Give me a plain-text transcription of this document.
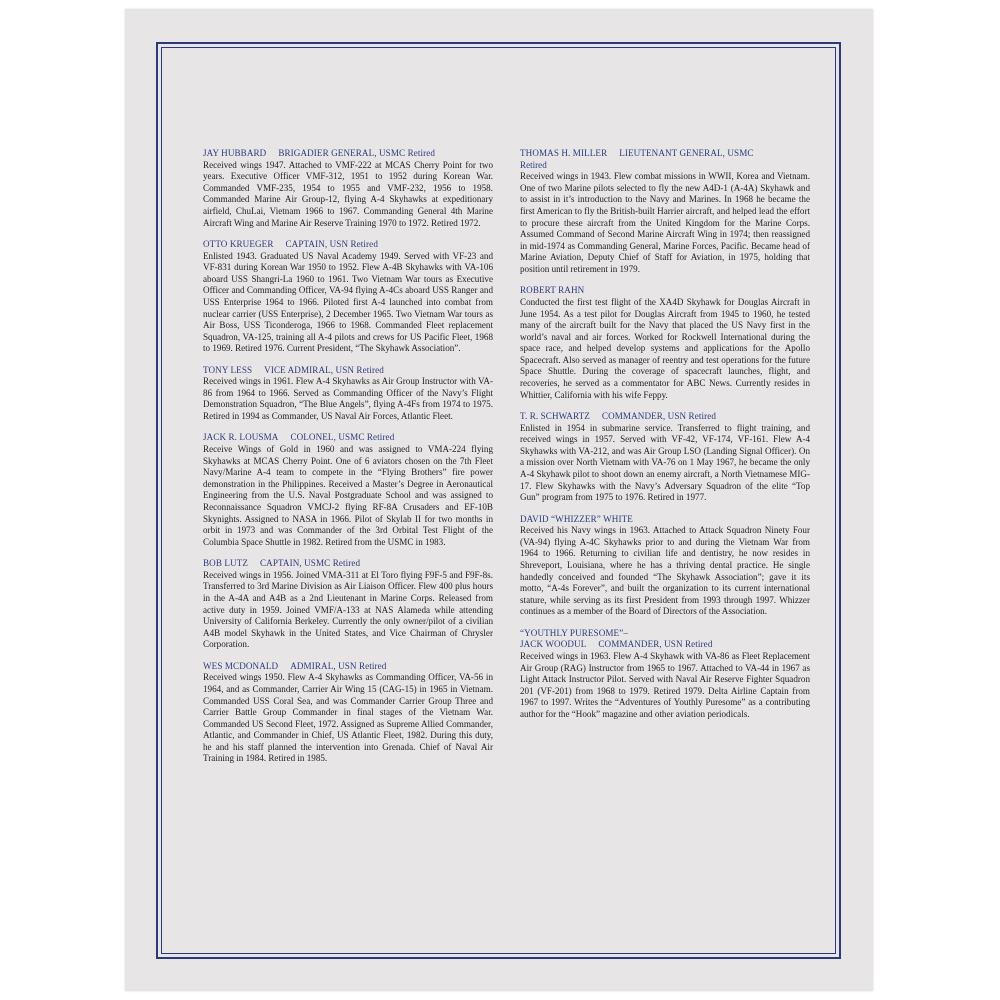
JAY HUBBARD BRIGADIER GENERAL, USMC Retired
Received wings 1947. Attached to VMF-222 at MCAS Cherry Point for two years. Executive Officer VMF-312, 1951 to 1952 during Korean War. Commanded VMF-235, 1954 to 1955 and VMF-232, 1956 to 1958. Commanded Marine Air Group-12, flying A-4 Skyhawks at expeditionary airfield, ChuLai, Vietnam 1966 to 1967. Commanding General 4th Marine Aircraft Wing and Marine Air Reserve Training 1970 to 1972. Retired 1972.
OTTO KRUEGER CAPTAIN, USN Retired
Enlisted 1943. Graduated US Naval Academy 1949. Served with VF-23 and VF-831 during Korean War 1950 to 1952. Flew A-4B Skyhawks with VA-106 aboard USS Shangri-La 1960 to 1961. Two Vietnam War tours as Executive Officer and Commanding Officer, VA-94 flying A-4Cs aboard USS Ranger and USS Enterprise 1964 to 1966. Piloted first A-4 launched into combat from nuclear carrier (USS Enterprise), 2 December 1965. Two Vietnam War tours as Air Boss, USS Ticonderoga, 1966 to 1968. Commanded Fleet replacement Squadron, VA-125, training all A-4 pilots and crews for US Pacific Fleet, 1968 to 1969. Retired 1976. Current President, “The Skyhawk Association”.
TONY LESS VICE ADMIRAL, USN Retired
Received wings in 1961. Flew A-4 Skyhawks as Air Group Instructor with VA-86 from 1964 to 1966. Served as Commanding Officer of the Navy’s Flight Demonstration Squadron, “The Blue Angels”, flying A-4Fs from 1974 to 1975. Retired in 1994 as Commander, US Naval Air Forces, Atlantic Fleet.
JACK R. LOUSMA COLONEL, USMC Retired
Receive Wings of Gold in 1960 and was assigned to VMA-224 flying Skyhawks at MCAS Cherry Point. One of 6 aviators chosen on the 7th Fleet Navy/Marine A-4 team to compete in the “Flying Brothers” fire power demonstration in the Philippines. Received a Master’s Degree in Aeronautical Engineering from the U.S. Naval Postgraduate School and was assigned to Reconnaissance Squadron VMCJ-2 flying RF-8A Crusaders and EF-10B Skynights. Assigned to NASA in 1966. Pilot of Skylab II for two months in orbit in 1973 and was Commander of the 3rd Orbital Test Flight of the Columbia Space Shuttle in 1982. Retired from the USMC in 1983.
BOB LUTZ CAPTAIN, USMC Retired
Received wings in 1956. Joined VMA-311 at El Toro flying F9F-5 and F9F-8s. Transferred to 3rd Marine Division as Air Liaison Officer. Flew 400 plus hours in the A-4A and A4B as a 2nd Lieutenant in Marine Corps. Released from active duty in 1959. Joined VMF/A-133 at NAS Alameda while attending University of California Berkeley. Currently the only owner/pilot of a civilian A4B model Skyhawk in the United States, and Vice Chairman of Chrysler Corporation.
WES MCDONALD ADMIRAL, USN Retired
Received wings 1950. Flew A-4 Skyhawks as Commanding Officer, VA-56 in 1964, and as Commander, Carrier Air Wing 15 (CAG-15) in 1965 in Vietnam. Commanded USS Coral Sea, and was Commander Carrier Group Three and Carrier Battle Group Commander in final stages of the Vietnam War. Commanded US Second Fleet, 1972. Assigned as Supreme Allied Commander, Atlantic, and Commander in Chief, US Atlantic Fleet, 1982. During this duty, he and his staff planned the intervention into Grenada. Chief of Naval Air Training in 1984. Retired in 1985.
THOMAS H. MILLER LIEUTENANT GENERAL, USMC
Retired
Received wings in 1943. Flew combat missions in WWII, Korea and Vietnam. One of two Marine pilots selected to fly the new A4D-1 (A-4A) Skyhawk and to assist in it’s introduction to the Navy and Marines. In 1968 he became the first American to fly the British-built Harrier aircraft, and helped lead the effort to procure these aircraft from the United Kingdom for the Marine Corps. Assumed Command of Second Marine Aircraft Wing in 1974; then reassigned in mid-1974 as Commanding General, Marine Forces, Pacific. Became head of Marine Aviation, Deputy Chief of Staff for Aviation, in 1975, holding that position until retirement in 1979.
ROBERT RAHN
Conducted the first test flight of the XA4D Skyhawk for Douglas Aircraft in June 1954. As a test pilot for Douglas Aircraft from 1945 to 1960, he tested many of the aircraft built for the Navy that placed the US Navy first in the world’s naval and air forces. Worked for Rockwell International during the space race, and helped develop systems and applications for the Apollo Spacecraft. Also served as manager of reentry and test operations for the future Space Shuttle. During the coverage of spacecraft launches, flight, and recoveries, he served as a commentator for ABC News. Currently resides in Whittier, California with his wife Feppy.
T. R. SCHWARTZ COMMANDER, USN Retired
Enlisted in 1954 in submarine service. Transferred to flight training, and received wings in 1957. Served with VF-42, VF-174, VF-161. Flew A-4 Skyhawks with VA-212, and was Air Group LSO (Landing Signal Officer). On a mission over North Vietnam with VA-76 on 1 May 1967, he became the only A-4 Skyhawk pilot to shoot down an enemy aircraft, a North Vietnamese MIG-17. Flew Skyhawks with the Navy’s Adversary Squadron of the elite “Top Gun” program from 1975 to 1976. Retired in 1977.
DAVID “WHIZZER” WHITE
Received his Navy wings in 1963. Attached to Attack Squadron Ninety Four (VA-94) flying A-4C Skyhawks prior to and during the Vietnam War from 1964 to 1966. Returning to civilian life and dentistry, he now resides in Shreveport, Louisiana, where he has a thriving dental practice. He single handedly conceived and founded “The Skyhawk Association”; gave it its motto, “A-4s Forever”, and built the organization to its current international stature, while serving as its first President from 1993 through 1997. Whizzer continues as a member of the Board of Directors of the Association.
“YOUTHLY PURESOME”–
JACK WOODUL COMMANDER, USN Retired
Received wings in 1963. Flew A-4 Skyhawk with VA-86 as Fleet Replacement Air Group (RAG) Instructor from 1965 to 1967. Attached to VA-44 in 1967 as Light Attack Instructor Pilot. Served with Naval Air Reserve Fighter Squadron 201 (VF-201) from 1968 to 1979. Retired 1979. Delta Airline Captain from 1967 to 1997. Writes the “Adventures of Youthly Puresome” as a contributing author for the “Hook” magazine and other aviation periodicals.
